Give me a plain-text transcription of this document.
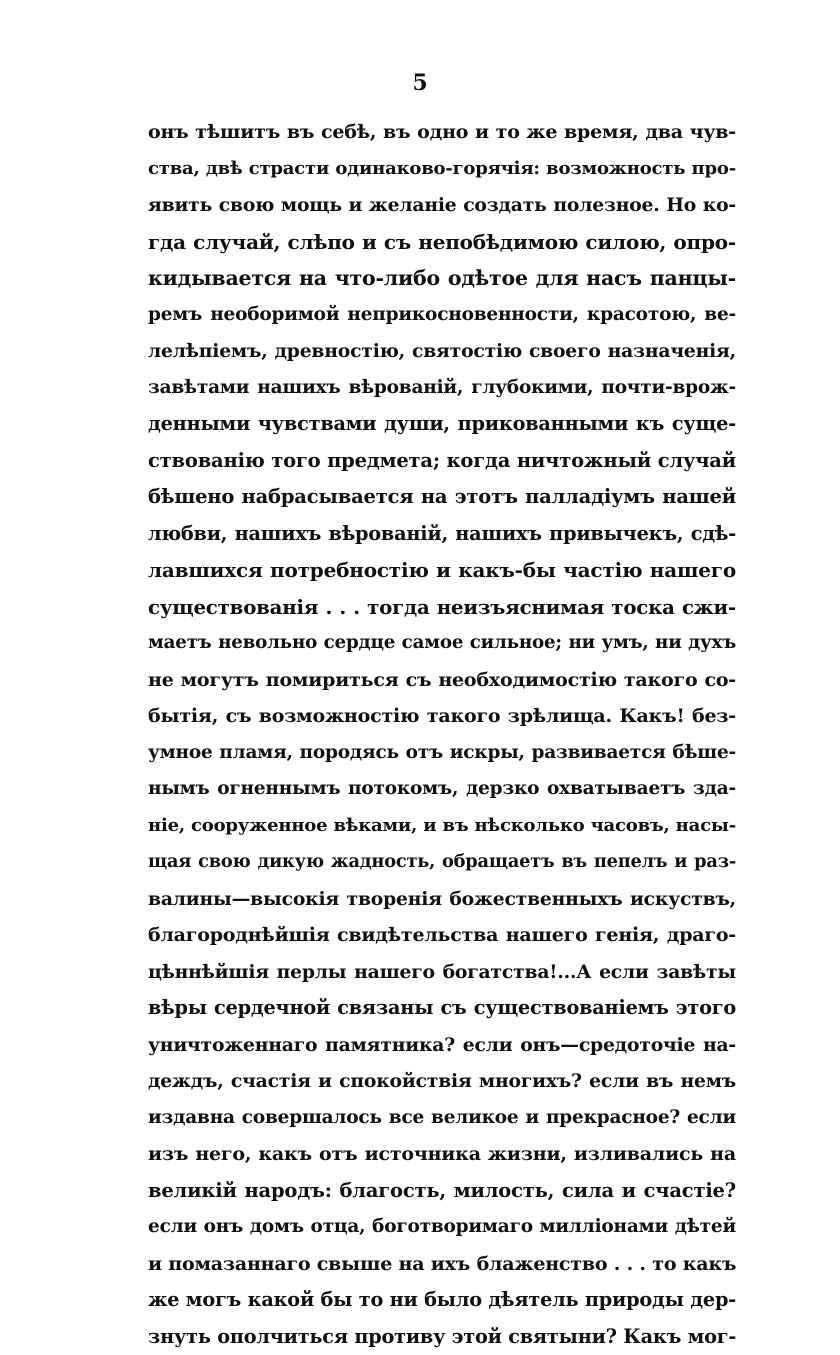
5
онъ тѣшитъ въ себѣ, въ одно и то же время, два чув-
ства, двѣ страсти одинаково-горячія: возможность про-
явить свою мощь и желаніе создать полезное. Но ко-
гда случай, слѣпо и съ непобѣдимою силою, опро-
кидывается на что-либо одѣтое для насъ панцы-
ремъ необоримой неприкосновенности, красотою, ве-
лелѣпіемъ, древностію, святостію своего назначенія,
завѣтами нашихъ вѣрованій, глубокими, почти-врож-
денными чувствами души, прикованными къ суще-
ствованію того предмета; когда ничтожный случай
бѣшено набрасывается на этотъ палладіумъ нашей
любви, нашихъ вѣрованій, нашихъ привычекъ, сдѣ-
лавшихся потребностію и какъ-бы частію нашего
существованія . . . тогда неизъяснимая тоска сжи-
маетъ невольно сердце самое сильное; ни умъ, ни духъ
не могутъ помириться съ необходимостію такого со-
бытія, съ возможностію такого зрѣлища. Какъ! без-
умное пламя, породясь отъ искры, развивается бѣше-
нымъ огненнымъ потокомъ, дерзко охватываетъ зда-
ніе, сооруженное вѣками, и въ нѣсколько часовъ, насы-
щая свою дикую жадность, обращаетъ въ пепелъ и раз-
валины—высокія творенія божественныхъ искуствъ,
благороднѣйшія свидѣтельства нашего генія, драго-
цѣннѣйшія перлы нашего богатства!...А если завѣты
вѣры сердечной связаны съ существованіемъ этого
уничтоженнаго памятника? если онъ—средоточіе на-
деждъ, счастія и спокойствія многихъ? если въ немъ
издавна совершалось все великое и прекрасное? если
изъ него, какъ отъ источника жизни, изливались на
великій народъ: благость, милость, сила и счастіе?
если онъ домъ отца, боготворимаго милліонами дѣтей
и помазаннаго свыше на ихъ блаженство . . . то какъ
же могъ какой бы то ни было дѣятель природы дер-
знуть ополчиться противу этой святыни? Какъ мог-
